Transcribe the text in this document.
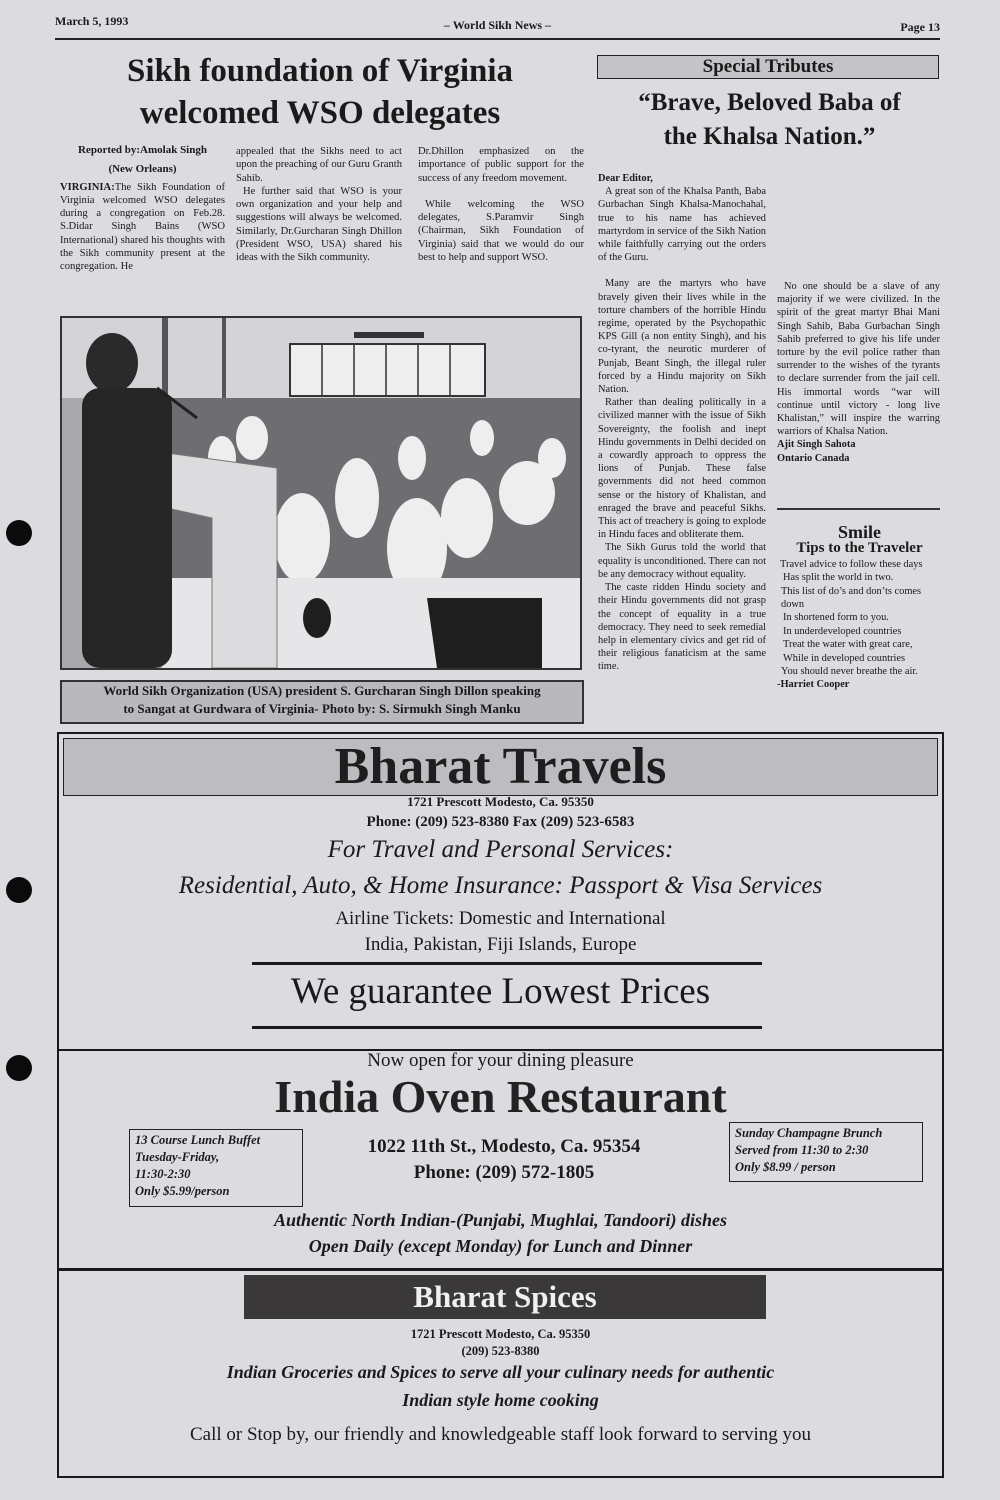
March 5, 1993	– World Sikh News –	Page 13
Sikh foundation of Virginia
welcomed WSO delegates
Reported by:Amolak Singh
(New Orleans)

VIRGINIA:The Sikh Foundation of Virginia welcomed WSO delegates during a congregation on Feb.28. S.Didar Singh Bains (WSO International) shared his thoughts with the Sikh community present at the congregation. He

appealed that the Sikhs need to act upon the preaching of our Guru Granth Sahib.

He further said that WSO is your own organization and your help and suggestions will always be welcomed. Similarly, Dr.Gurcharan Singh Dhillon (President WSO, USA) shared his ideas with the Sikh community.

Dr.Dhillon emphasized on the importance of public support for the success of any freedom movement.

While welcoming the WSO delegates, S.Paramvir Singh (Chairman, Sikh Foundation of Virginia) said that we would do our best to help and support WSO.

World Sikh Organization (USA) president S. Gurcharan Singh Dillon speaking
to Sangat at Gurdwara of Virginia- Photo by: S. Sirmukh Singh Manku
Special Tributes
“Brave, Beloved Baba of
the Khalsa Nation.”

Dear Editor,

A great son of the Khalsa Panth, Baba Gurbachan Singh Khalsa-Manochahal, true to his name has achieved martyrdom in service of the Sikh Nation while faithfully carrying out the orders of the Guru.

Many are the martyrs who have bravely given their lives while in the torture chambers of the horrible Hindu regime, operated by the Psychopathic KPS Gill (a non entity Singh), and his co-tyrant, the neurotic murderer of Punjab, Beant Singh, the illegal ruler forced by a Hindu majority on Sikh Nation.

Rather than dealing politically in a civilized manner with the issue of Sikh Sovereignty, the foolish and inept Hindu governments in Delhi decided on a cowardly approach to oppress the lions of Punjab. These false governments did not heed common sense or the history of Khalistan, and enraged the brave and peaceful Sikhs. This act of treachery is going to explode in Hindu faces and obliterate them.

The Sikh Gurus told the world that equality is unconditioned. There can not be any democracy without equality.

The caste ridden Hindu society and their Hindu governments did not grasp the concept of equality in a true democracy. They need to seek remedial help in elementary civics and get rid of their religious fanaticism at the same time.

No one should be a slave of any majority if we were civilized. In the spirit of the great martyr Bhai Mani Singh Sahib, Baba Gurbachan Singh Sahib preferred to give his life under torture by the evil police rather than surrender to the wishes of the tyrants to declare surrender from the jail cell. His immortal words “war will continue until victory - long live Khalistan,” will inspire the warring warriors of Khalsa Nation.

Ajit Singh Sahota

Ontario Canada

Smile
Tips to the Traveler
Travel advice to follow these days
Has split the world in two.
This list of do’s and don’ts comes down
In shortened form to you.
In underdeveloped countries
Treat the water with great care,
While in developed countries
You should never breathe the air.
-Harriet Cooper
Bharat Travels
1721 Prescott Modesto, Ca. 95350
Phone: (209) 523-8380 Fax (209) 523-6583
For Travel and Personal Services:
Residential, Auto, & Home Insurance: Passport & Visa Services
Airline Tickets: Domestic and International
India, Pakistan, Fiji Islands, Europe
We guarantee Lowest Prices
Now open for your dining pleasure
India Oven Restaurant
13 Course Lunch Buffet
Tuesday-Friday,
11:30-2:30
Only $5.99/person
1022 11th St., Modesto, Ca. 95354
Phone: (209) 572-1805
Sunday Champagne Brunch
Served from 11:30 to 2:30
Only $8.99 / person
Authentic North Indian-(Punjabi, Mughlai, Tandoori) dishes
Open Daily (except Monday) for Lunch and Dinner
Bharat Spices
1721 Prescott Modesto, Ca. 95350
(209) 523-8380
Indian Groceries and Spices to serve all your culinary needs for authentic
Indian style home cooking
Call or Stop by, our friendly and knowledgeable staff look forward to serving you
